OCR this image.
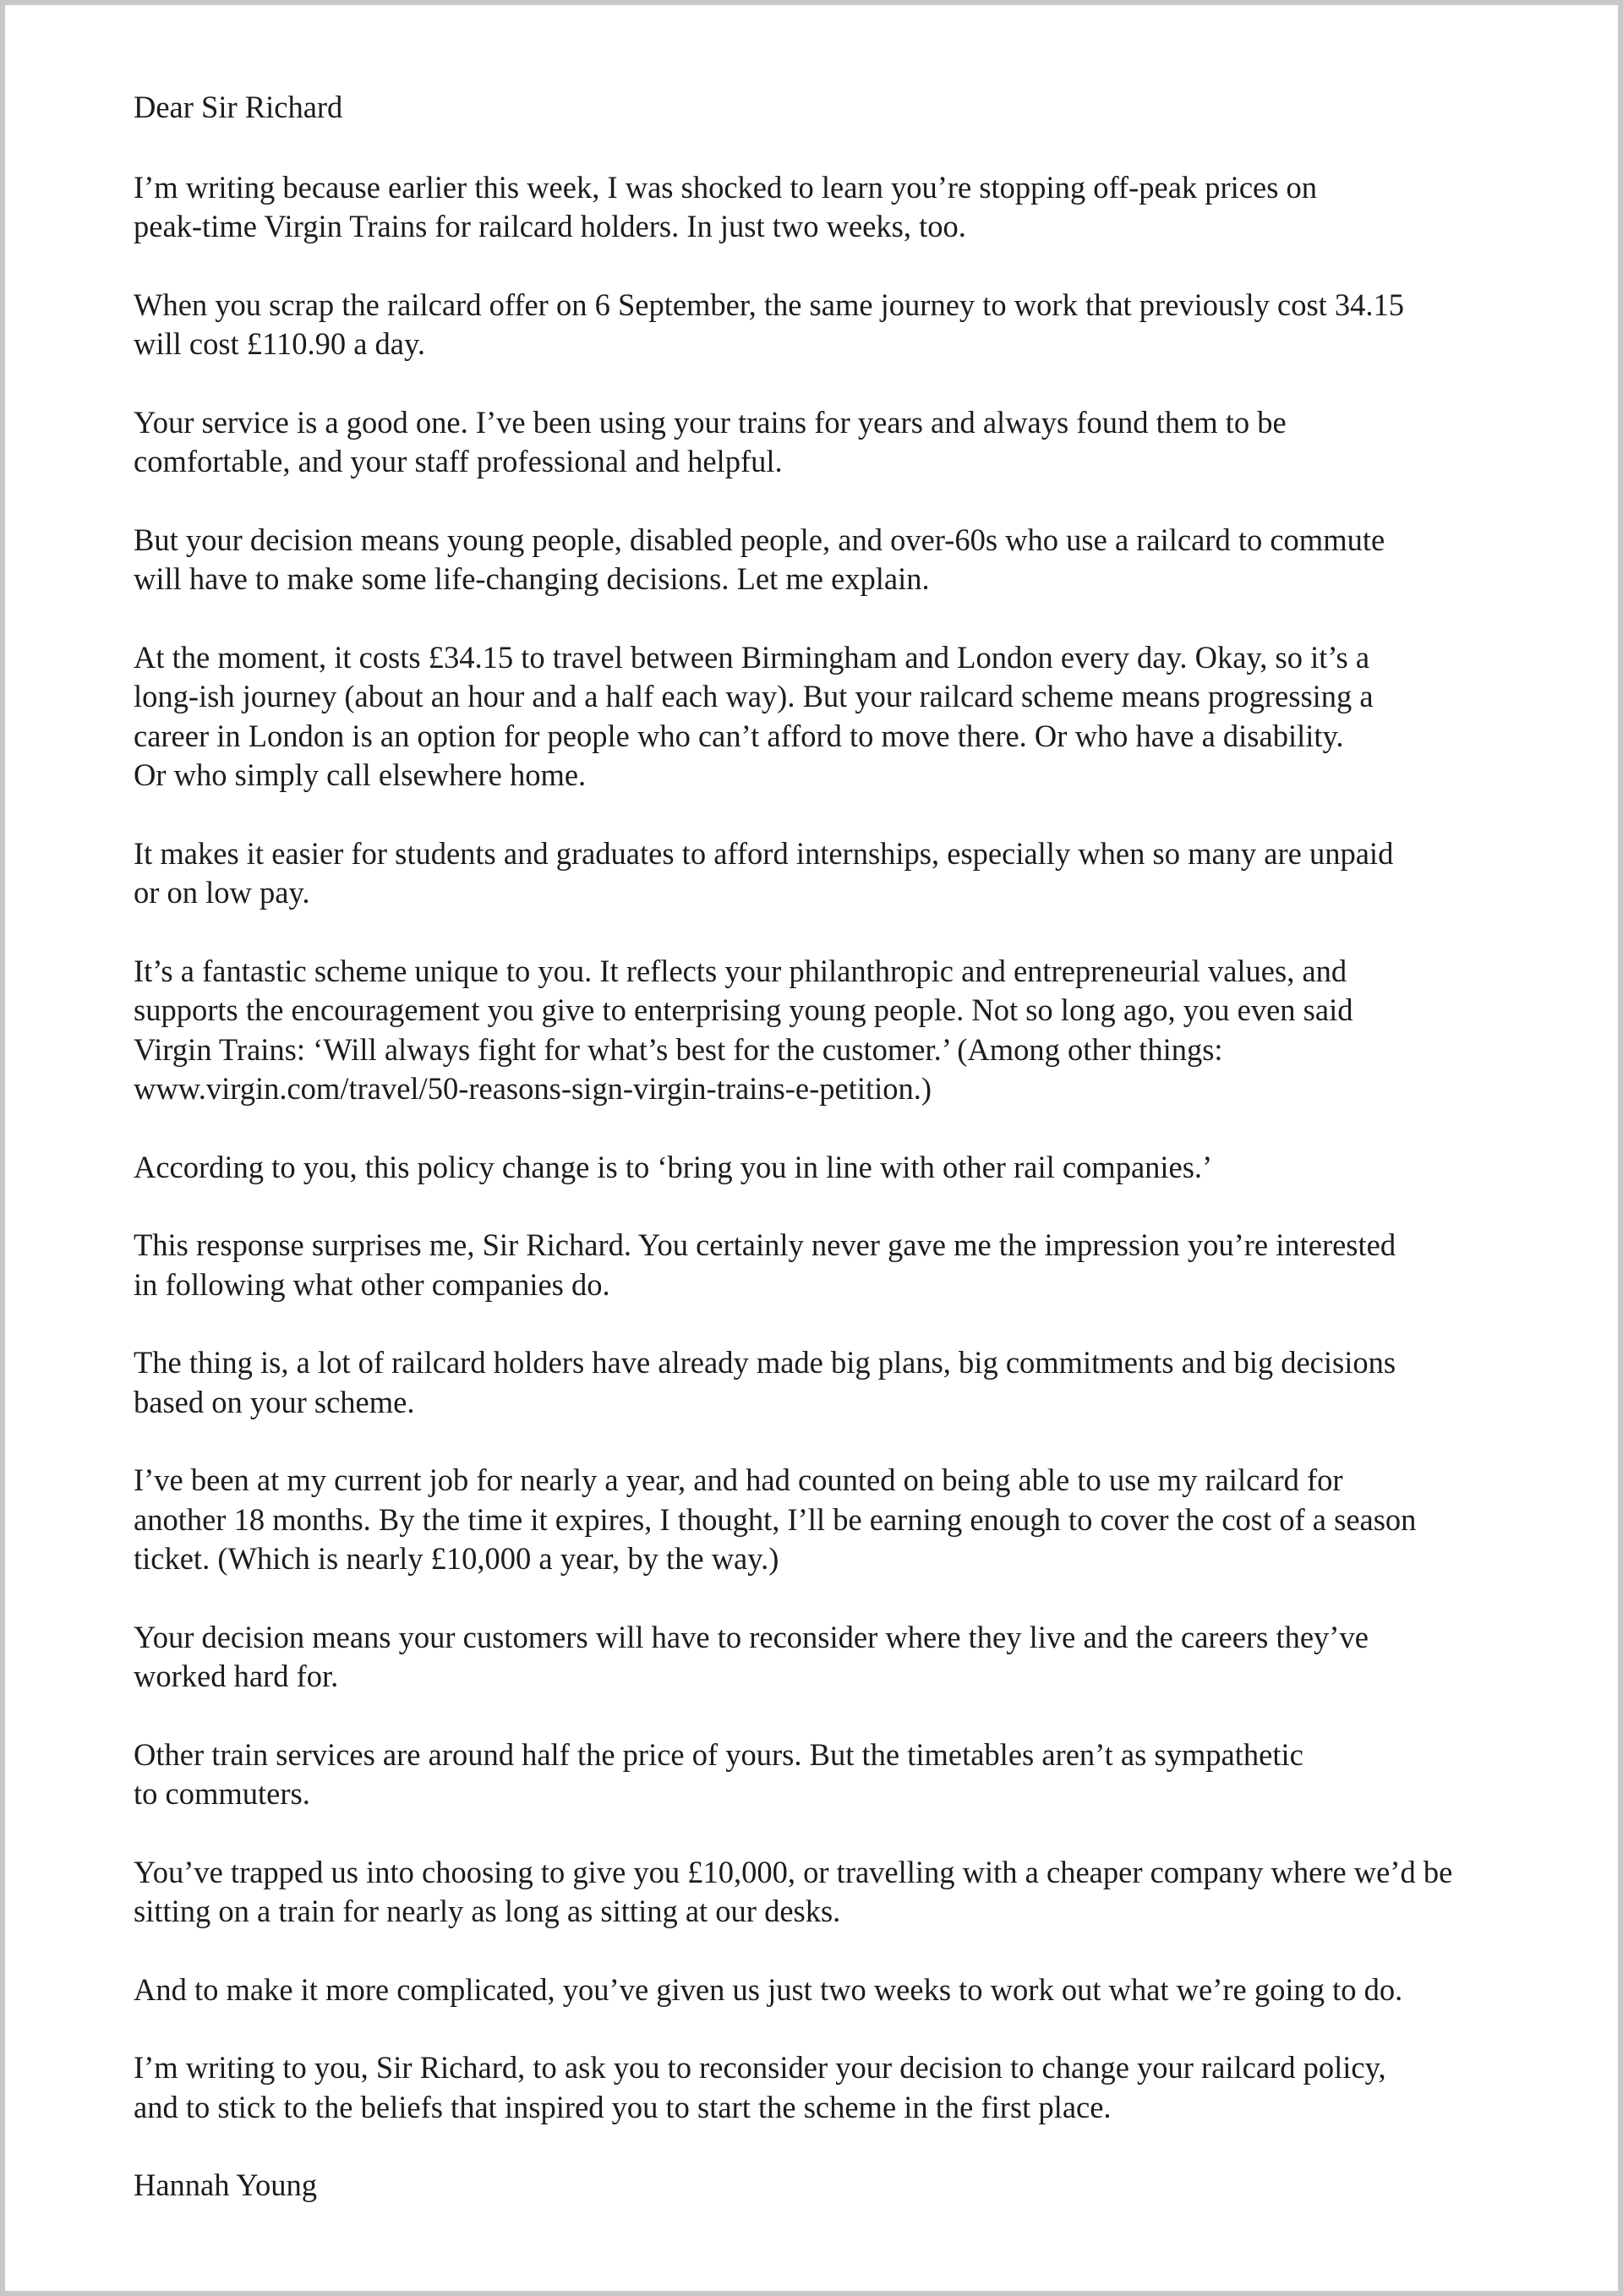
Dear Sir Richard

I’m writing because earlier this week, I was shocked to learn you’re stopping off-peak prices on
peak-time Virgin Trains for railcard holders. In just two weeks, too.

When you scrap the railcard offer on 6 September, the same journey to work that previously cost 34.15
will cost £110.90 a day.

Your service is a good one. I’ve been using your trains for years and always found them to be
comfortable, and your staff professional and helpful.

But your decision means young people, disabled people, and over-60s who use a railcard to commute
will have to make some life-changing decisions. Let me explain.

At the moment, it costs £34.15 to travel between Birmingham and London every day. Okay, so it’s a
long-ish journey (about an hour and a half each way). But your railcard scheme means progressing a
career in London is an option for people who can’t afford to move there. Or who have a disability.
Or who simply call elsewhere home.

It makes it easier for students and graduates to afford internships, especially when so many are unpaid
or on low pay.

It’s a fantastic scheme unique to you. It reflects your philanthropic and entrepreneurial values, and
supports the encouragement you give to enterprising young people. Not so long ago, you even said
Virgin Trains: ‘Will always fight for what’s best for the customer.’ (Among other things:
www.virgin.com/travel/50-reasons-sign-virgin-trains-e-petition.)

According to you, this policy change is to ‘bring you in line with other rail companies.’

This response surprises me, Sir Richard. You certainly never gave me the impression you’re interested
in following what other companies do.

The thing is, a lot of railcard holders have already made big plans, big commitments and big decisions
based on your scheme.

I’ve been at my current job for nearly a year, and had counted on being able to use my railcard for
another 18 months. By the time it expires, I thought, I’ll be earning enough to cover the cost of a season
ticket. (Which is nearly £10,000 a year, by the way.)

Your decision means your customers will have to reconsider where they live and the careers they’ve
worked hard for.

Other train services are around half the price of yours. But the timetables aren’t as sympathetic
to commuters.

You’ve trapped us into choosing to give you £10,000, or travelling with a cheaper company where we’d be
sitting on a train for nearly as long as sitting at our desks.

And to make it more complicated, you’ve given us just two weeks to work out what we’re going to do.

I’m writing to you, Sir Richard, to ask you to reconsider your decision to change your railcard policy,
and to stick to the beliefs that inspired you to start the scheme in the first place.

Hannah Young
